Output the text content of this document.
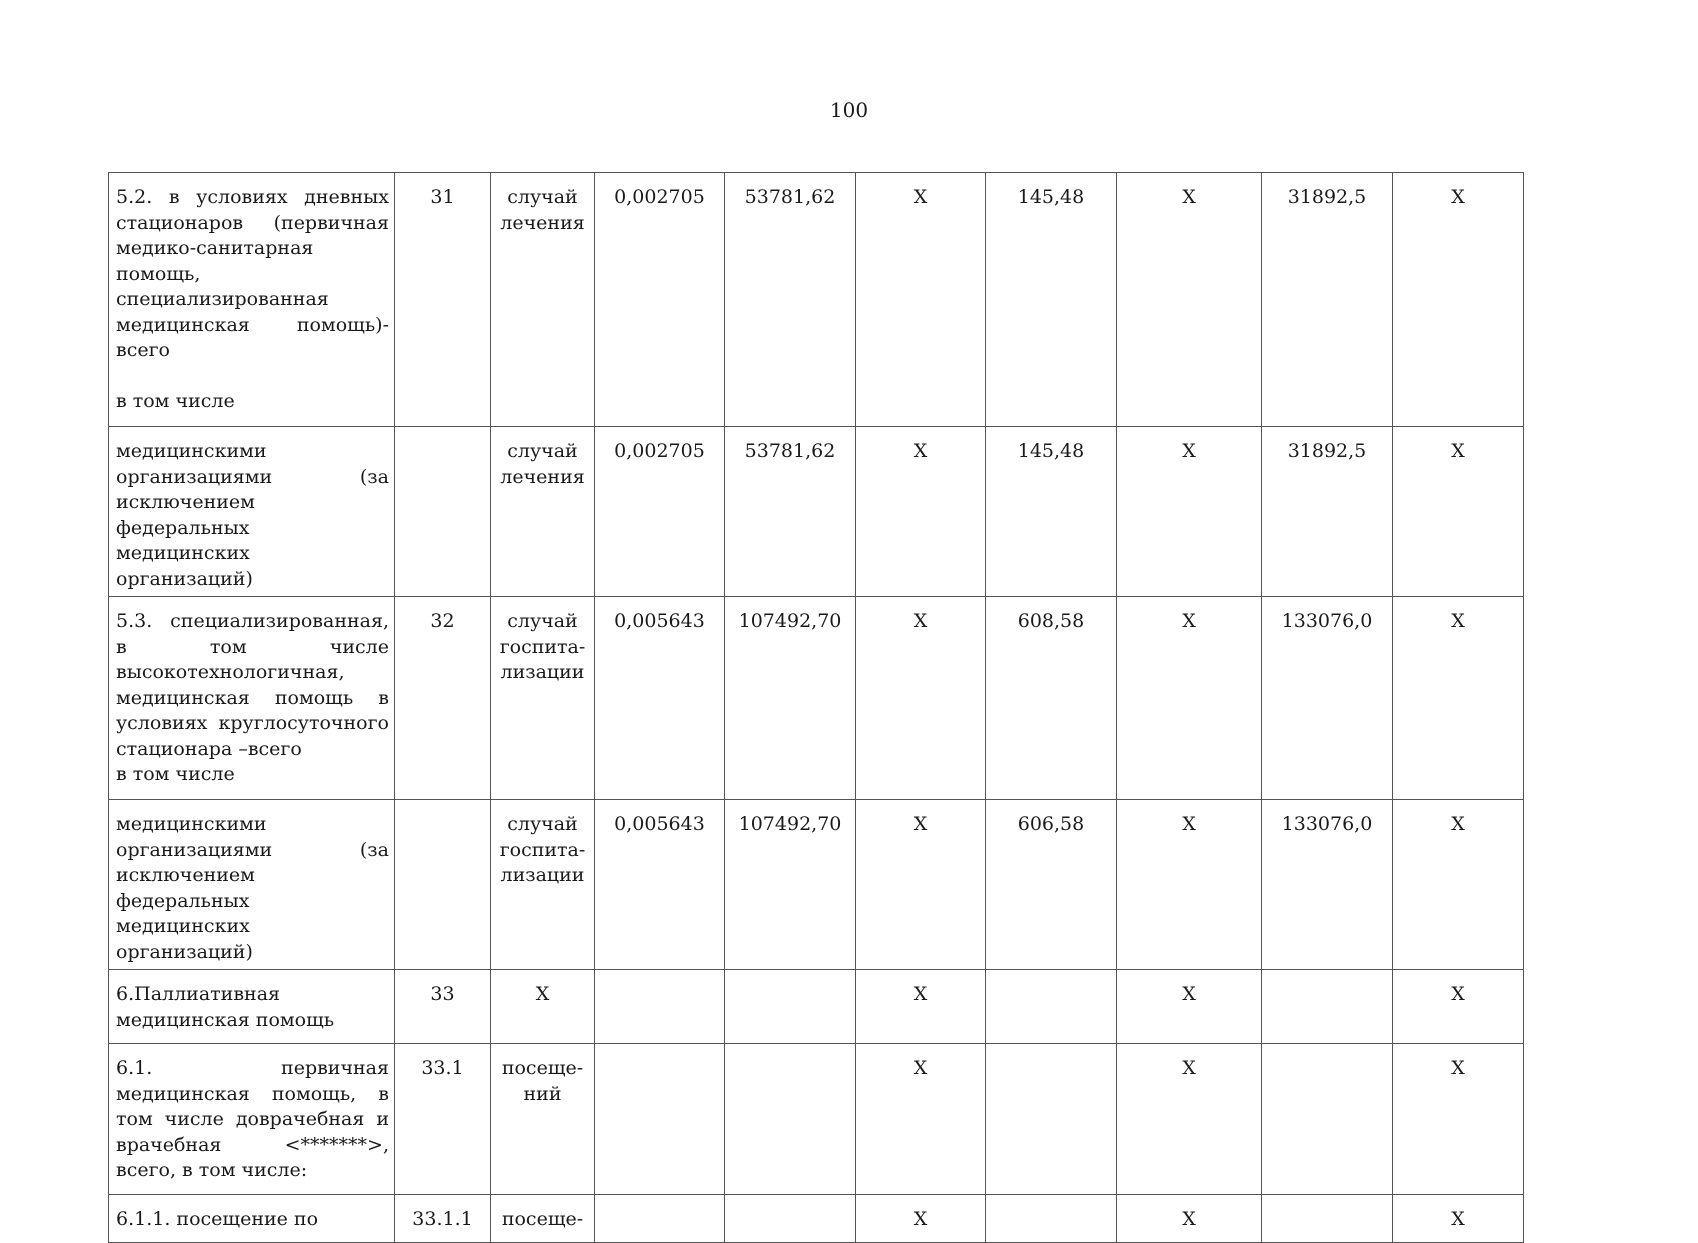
100
5.2. в условиях дневных стационаров (первичная медико-санитарная помощь, специализированная медицинская помощь)- всего

в том числе	31	случай лечения	0,002705	53781,62	Х	145,48	Х	31892,5	Х

медицинскими организациями (за исключением федеральных медицинских организаций)		случай лечения	0,002705	53781,62	Х	145,48	Х	31892,5	Х

5.3. специализированная, в том числе высокотехнологичная, медицинская помощь в условиях круглосуточного стационара –всего
в том числе	32	случай госпита-лизации	0,005643	107492,70	Х	608,58	Х	133076,0	Х

медицинскими организациями (за исключением федеральных медицинских организаций)		случай госпита-лизации	0,005643	107492,70	Х	606,58	Х	133076,0	Х

6.Паллиативная медицинская помощь	33	Х			Х		Х		Х

6.1. первичная медицинская помощь, в том числе доврачебная и врачебная <*******>, всего, в том числе:	33.1	посеще-ний			Х		Х		Х

6.1.1. посещение по	33.1.1	посеще-			Х		Х		Х
